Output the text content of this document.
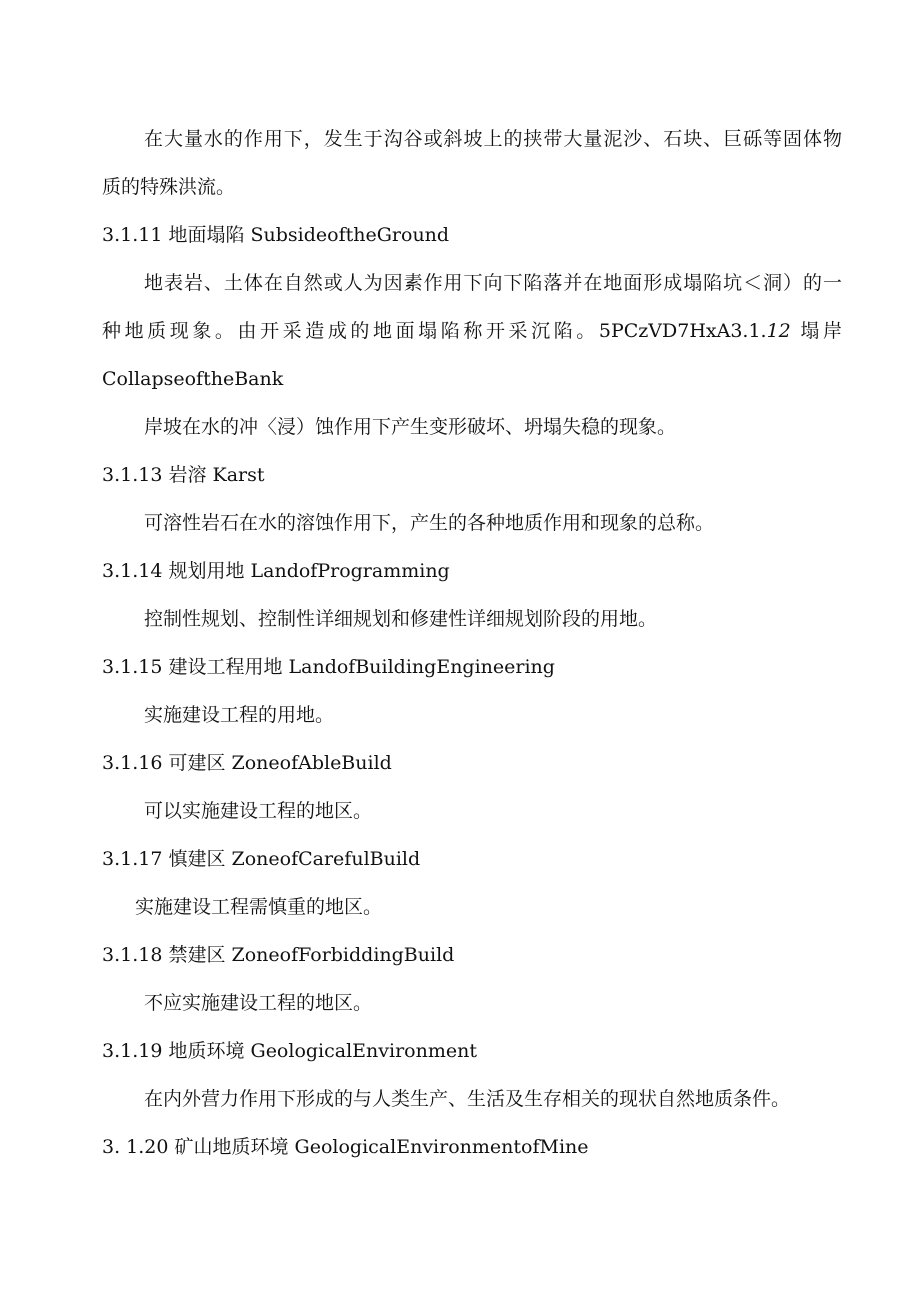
在大量水的作用下，发生于沟谷或斜坡上的挟带大量泥沙、石块、巨砾等固体物
质的特殊洪流。
3.1.11 地面塌陷 SubsideoftheGround
地表岩、土体在自然或人为因素作用下向下陷落并在地面形成塌陷坑＜洞）的一
种地质现象。由开采造成的地面塌陷称开采沉陷。5PCzVD7HxA3.1.12 塌岸
CollapseoftheBank
岸坡在水的冲〈浸）蚀作用下产生变形破坏、坍塌失稳的现象。
3.1.13 岩溶 Karst
可溶性岩石在水的溶蚀作用下，产生的各种地质作用和现象的总称。
3.1.14 规划用地 LandofProgramming
控制性规划、控制性详细规划和修建性详细规划阶段的用地。
3.1.15 建设工程用地 LandofBuildingEngineering
实施建设工程的用地。
3.1.16 可建区 ZoneofAbleBuild
可以实施建设工程的地区。
3.1.17 慎建区 ZoneofCarefulBuild
实施建设工程需慎重的地区。
3.1.18 禁建区 ZoneofForbiddingBuild
不应实施建设工程的地区。
3.1.19 地质环境 GeologicalEnvironment
在内外营力作用下形成的与人类生产、生活及生存相关的现状自然地质条件。
3. 1.20 矿山地质环境 GeologicalEnvironmentofMine
